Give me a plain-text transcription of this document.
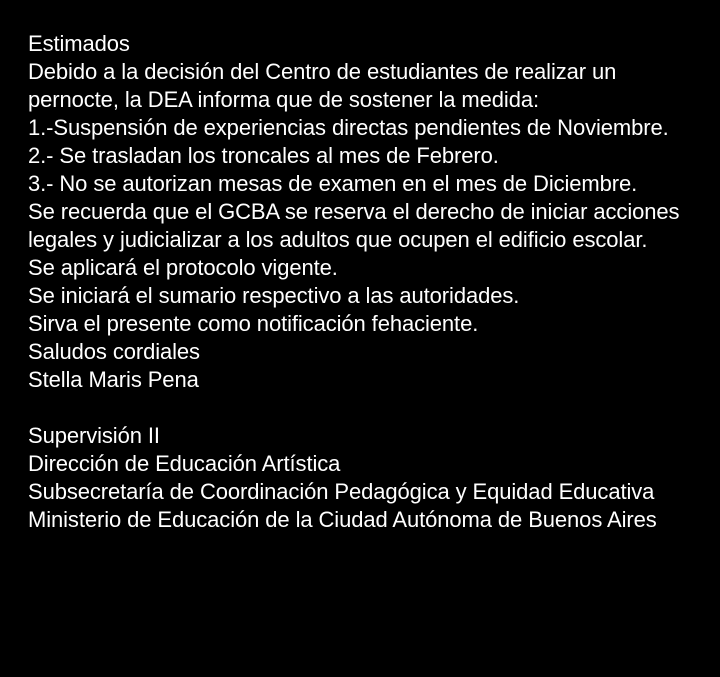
Estimados
Debido a la decisión del Centro de estudiantes de realizar un pernocte, la DEA informa que de sostener la medida:
1.-Suspensión de experiencias directas pendientes de Noviembre.
2.- Se trasladan los troncales al mes de Febrero.
3.- No se autorizan mesas de examen en el mes de Diciembre.
Se recuerda que el GCBA se reserva el derecho de iniciar acciones legales y judicializar a los adultos que ocupen el edificio escolar.
Se aplicará el protocolo vigente.
Se iniciará el sumario respectivo a las autoridades.
Sirva el presente como notificación fehaciente.
Saludos cordiales
Stella Maris Pena
Supervisión II
Dirección de Educación Artística
Subsecretaría de Coordinación Pedagógica y Equidad Educativa
Ministerio de Educación de la Ciudad Autónoma de Buenos Aires
